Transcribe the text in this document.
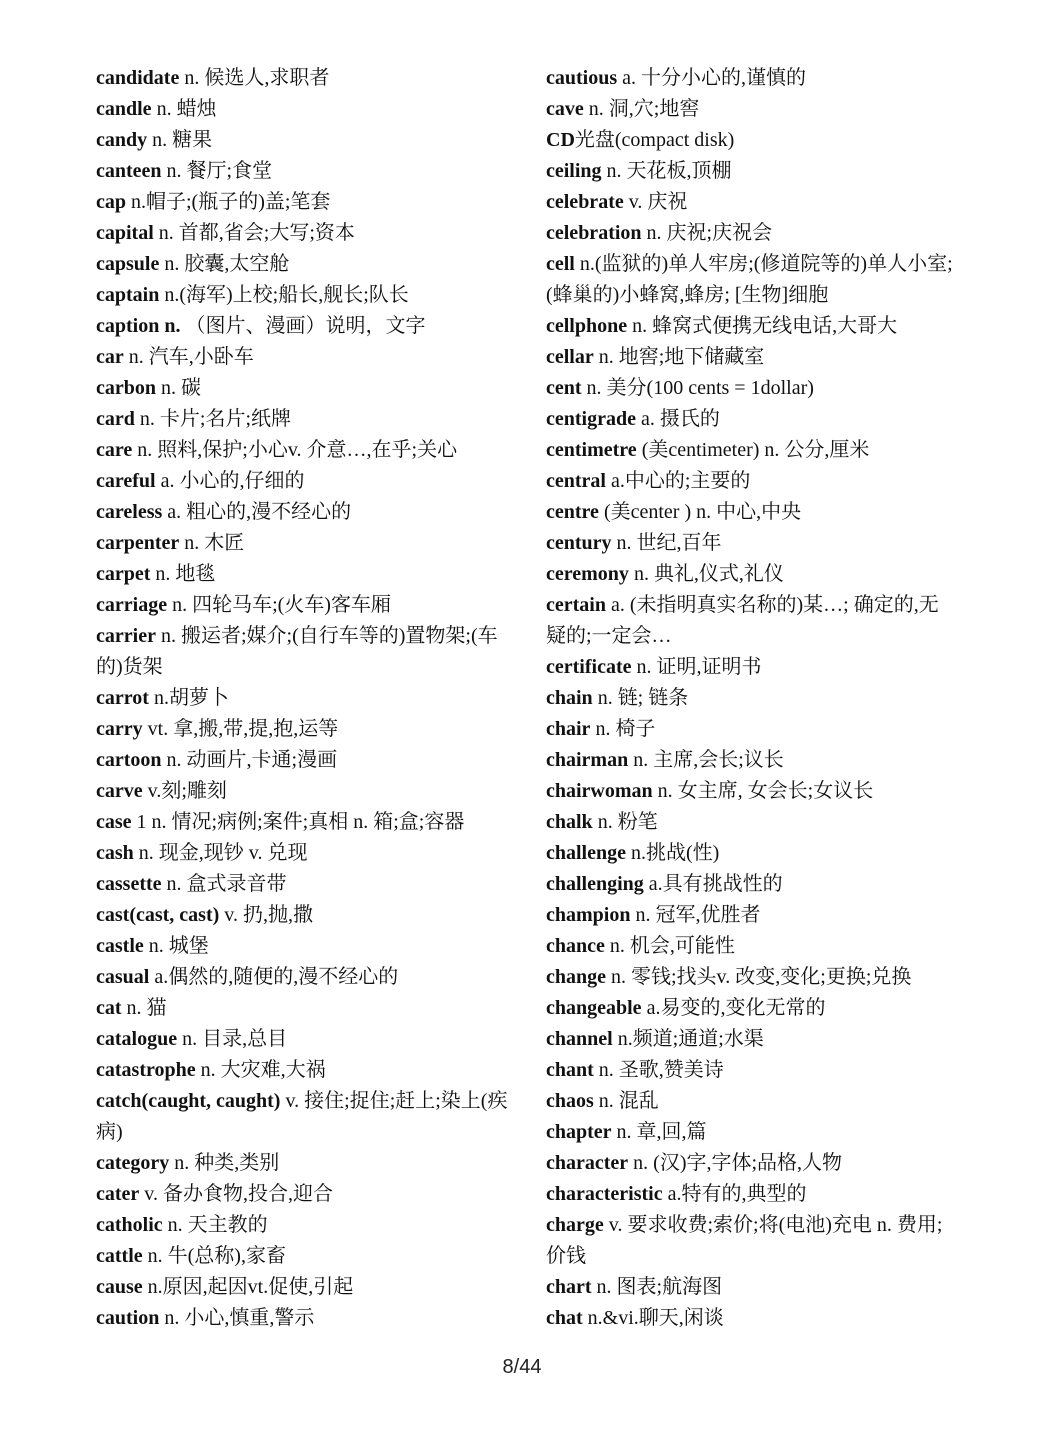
candidate n. 候选人,求职者
candle n. 蜡烛
candy n. 糖果
canteen n. 餐厅;食堂
cap n.帽子;(瓶子的)盖;笔套
capital n. 首都,省会;大写;资本
capsule n. 胶囊,太空舱
captain n.(海军)上校;船长,舰长;队长
caption n. （图片、漫画）说明，文字
car n. 汽车,小卧车
carbon n. 碳
card n. 卡片;名片;纸牌
care n. 照料,保护;小心v. 介意…,在乎;关心
careful a. 小心的,仔细的
careless a. 粗心的,漫不经心的
carpenter n. 木匠
carpet n. 地毯
carriage n. 四轮马车;(火车)客车厢
carrier n. 搬运者;媒介;(自行车等的)置物架;(车的)货架
carrot n.胡萝卜
carry vt. 拿,搬,带,提,抱,运等
cartoon n. 动画片,卡通;漫画
carve v.刻;雕刻
case 1 n. 情况;病例;案件;真相 n. 箱;盒;容器
cash n. 现金,现钞 v. 兑现
cassette n. 盒式录音带
cast(cast, cast) v. 扔,抛,撒
castle n. 城堡
casual a.偶然的,随便的,漫不经心的
cat n. 猫
catalogue n. 目录,总目
catastrophe n. 大灾难,大祸
catch(caught, caught) v. 接住;捉住;赶上;染上(疾病)
category n. 种类,类别
cater v. 备办食物,投合,迎合
catholic n. 天主教的
cattle n. 牛(总称),家畜
cause n.原因,起因vt.促使,引起
caution n. 小心,慎重,警示
cautious a. 十分小心的,谨慎的
cave n. 洞,穴;地窖
CD光盘(compact disk)
ceiling n. 天花板,顶棚
celebrate v. 庆祝
celebration n. 庆祝;庆祝会
cell n.(监狱的)单人牢房;(修道院等的)单人小室;(蜂巢的)小蜂窝,蜂房; [生物]细胞
cellphone n. 蜂窝式便携无线电话,大哥大
cellar n. 地窖;地下储藏室
cent n. 美分(100 cents = 1dollar)
centigrade a. 摄氏的
centimetre (美centimeter) n. 公分,厘米
central a.中心的;主要的
centre (美center ) n. 中心,中央
century n. 世纪,百年
ceremony n. 典礼,仪式,礼仪
certain a. (未指明真实名称的)某…; 确定的,无疑的;一定会…
certificate n. 证明,证明书
chain n. 链; 链条
chair n. 椅子
chairman n. 主席,会长;议长
chairwoman n. 女主席, 女会长;女议长
chalk n. 粉笔
challenge n.挑战(性)
challenging a.具有挑战性的
champion n. 冠军,优胜者
chance n. 机会,可能性
change n. 零钱;找头v. 改变,变化;更换;兑换
changeable a.易变的,变化无常的
channel n.频道;通道;水渠
chant n. 圣歌,赞美诗
chaos n. 混乱
chapter n. 章,回,篇
character n. (汉)字,字体;品格,人物
characteristic a.特有的,典型的
charge v. 要求收费;索价;将(电池)充电 n. 费用;价钱
chart n. 图表;航海图
chat n.&vi.聊天,闲谈
8/44
